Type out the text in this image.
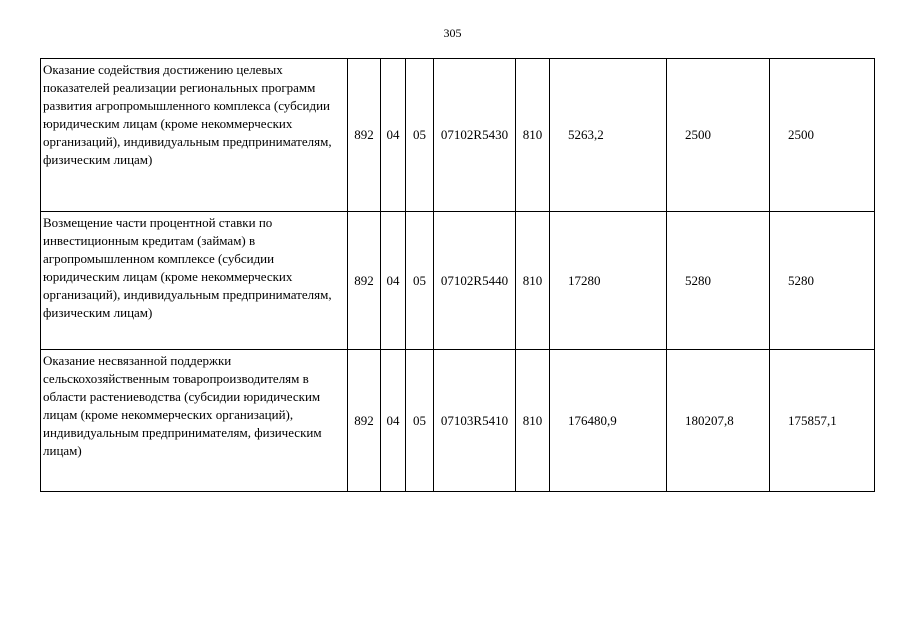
305
Оказание содействия достижению целевых показателей реализации региональных программ развития агропромышленного комплекса (субсидии юридическим лицам (кроме некоммерческих организаций), индивидуальным предпринимателям, физическим лицам)	892	04	05	07102R5430	810	5263,2	2500	2500
Возмещение части процентной ставки по инвестиционным кредитам (займам) в агропромышленном комплексе (субсидии юридическим лицам (кроме некоммерческих организаций), индивидуальным предпринимателям, физическим лицам)	892	04	05	07102R5440	810	17280	5280	5280
Оказание несвязанной поддержки сельскохозяйственным товаропроизводителям в области растениеводства (субсидии юридическим лицам (кроме некоммерческих организаций), индивидуальным предпринимателям, физическим лицам)	892	04	05	07103R5410	810	176480,9	180207,8	175857,1
